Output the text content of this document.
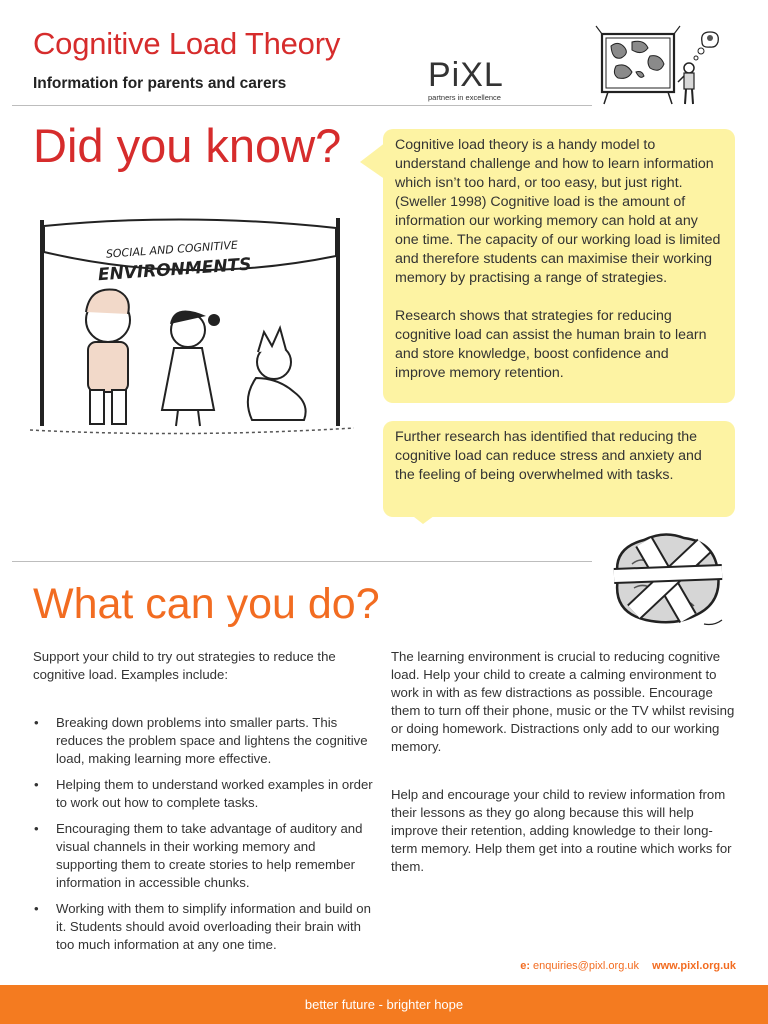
Cognitive Load Theory
Information for parents and carers	PiXL
partners in excellence
Did you know?
SOCIAL AND COGNITIVE
ENVIRONMENTS

Cognitive load theory is a handy model to understand challenge and how to learn information which isn’t too hard, or too easy, but just right. (Sweller 1998) Cognitive load is the amount of information our working memory can hold at any one time. The capacity of our working load is limited and therefore students can maximise their working memory by practising a range of strategies.

Research shows that strategies for reducing cognitive load can assist the human brain to learn and store knowledge, boost confidence and improve memory retention.

Further research has identified that reducing the cognitive load can reduce stress and anxiety and the feeling of being overwhelmed with tasks.

What can you do?

Support your child to try out strategies to reduce the cognitive load. Examples include:

• Breaking down problems into smaller parts. This reduces the problem space and lightens the cognitive load, making learning more effective.
• Helping them to understand worked examples in order to work out how to complete tasks.
• Encouraging them to take advantage of auditory and visual channels in their working memory and supporting them to create stories to help remember information in accessible chunks.
• Working with them to simplify information and build on it. Students should avoid overloading their brain with too much information at any one time.

The learning environment is crucial to reducing cognitive load. Help your child to create a calming environment to work in with as few distractions as possible. Encourage them to turn off their phone, music or the TV whilst revising or doing homework. Distractions only add to our working memory.

Help and encourage your child to review information from their lessons as they go along because this will help improve their retention, adding knowledge to their long-term memory. Help them get into a routine which works for them.

e: enquiries@pixl.org.uk www.pixl.org.uk
better future - brighter hope
